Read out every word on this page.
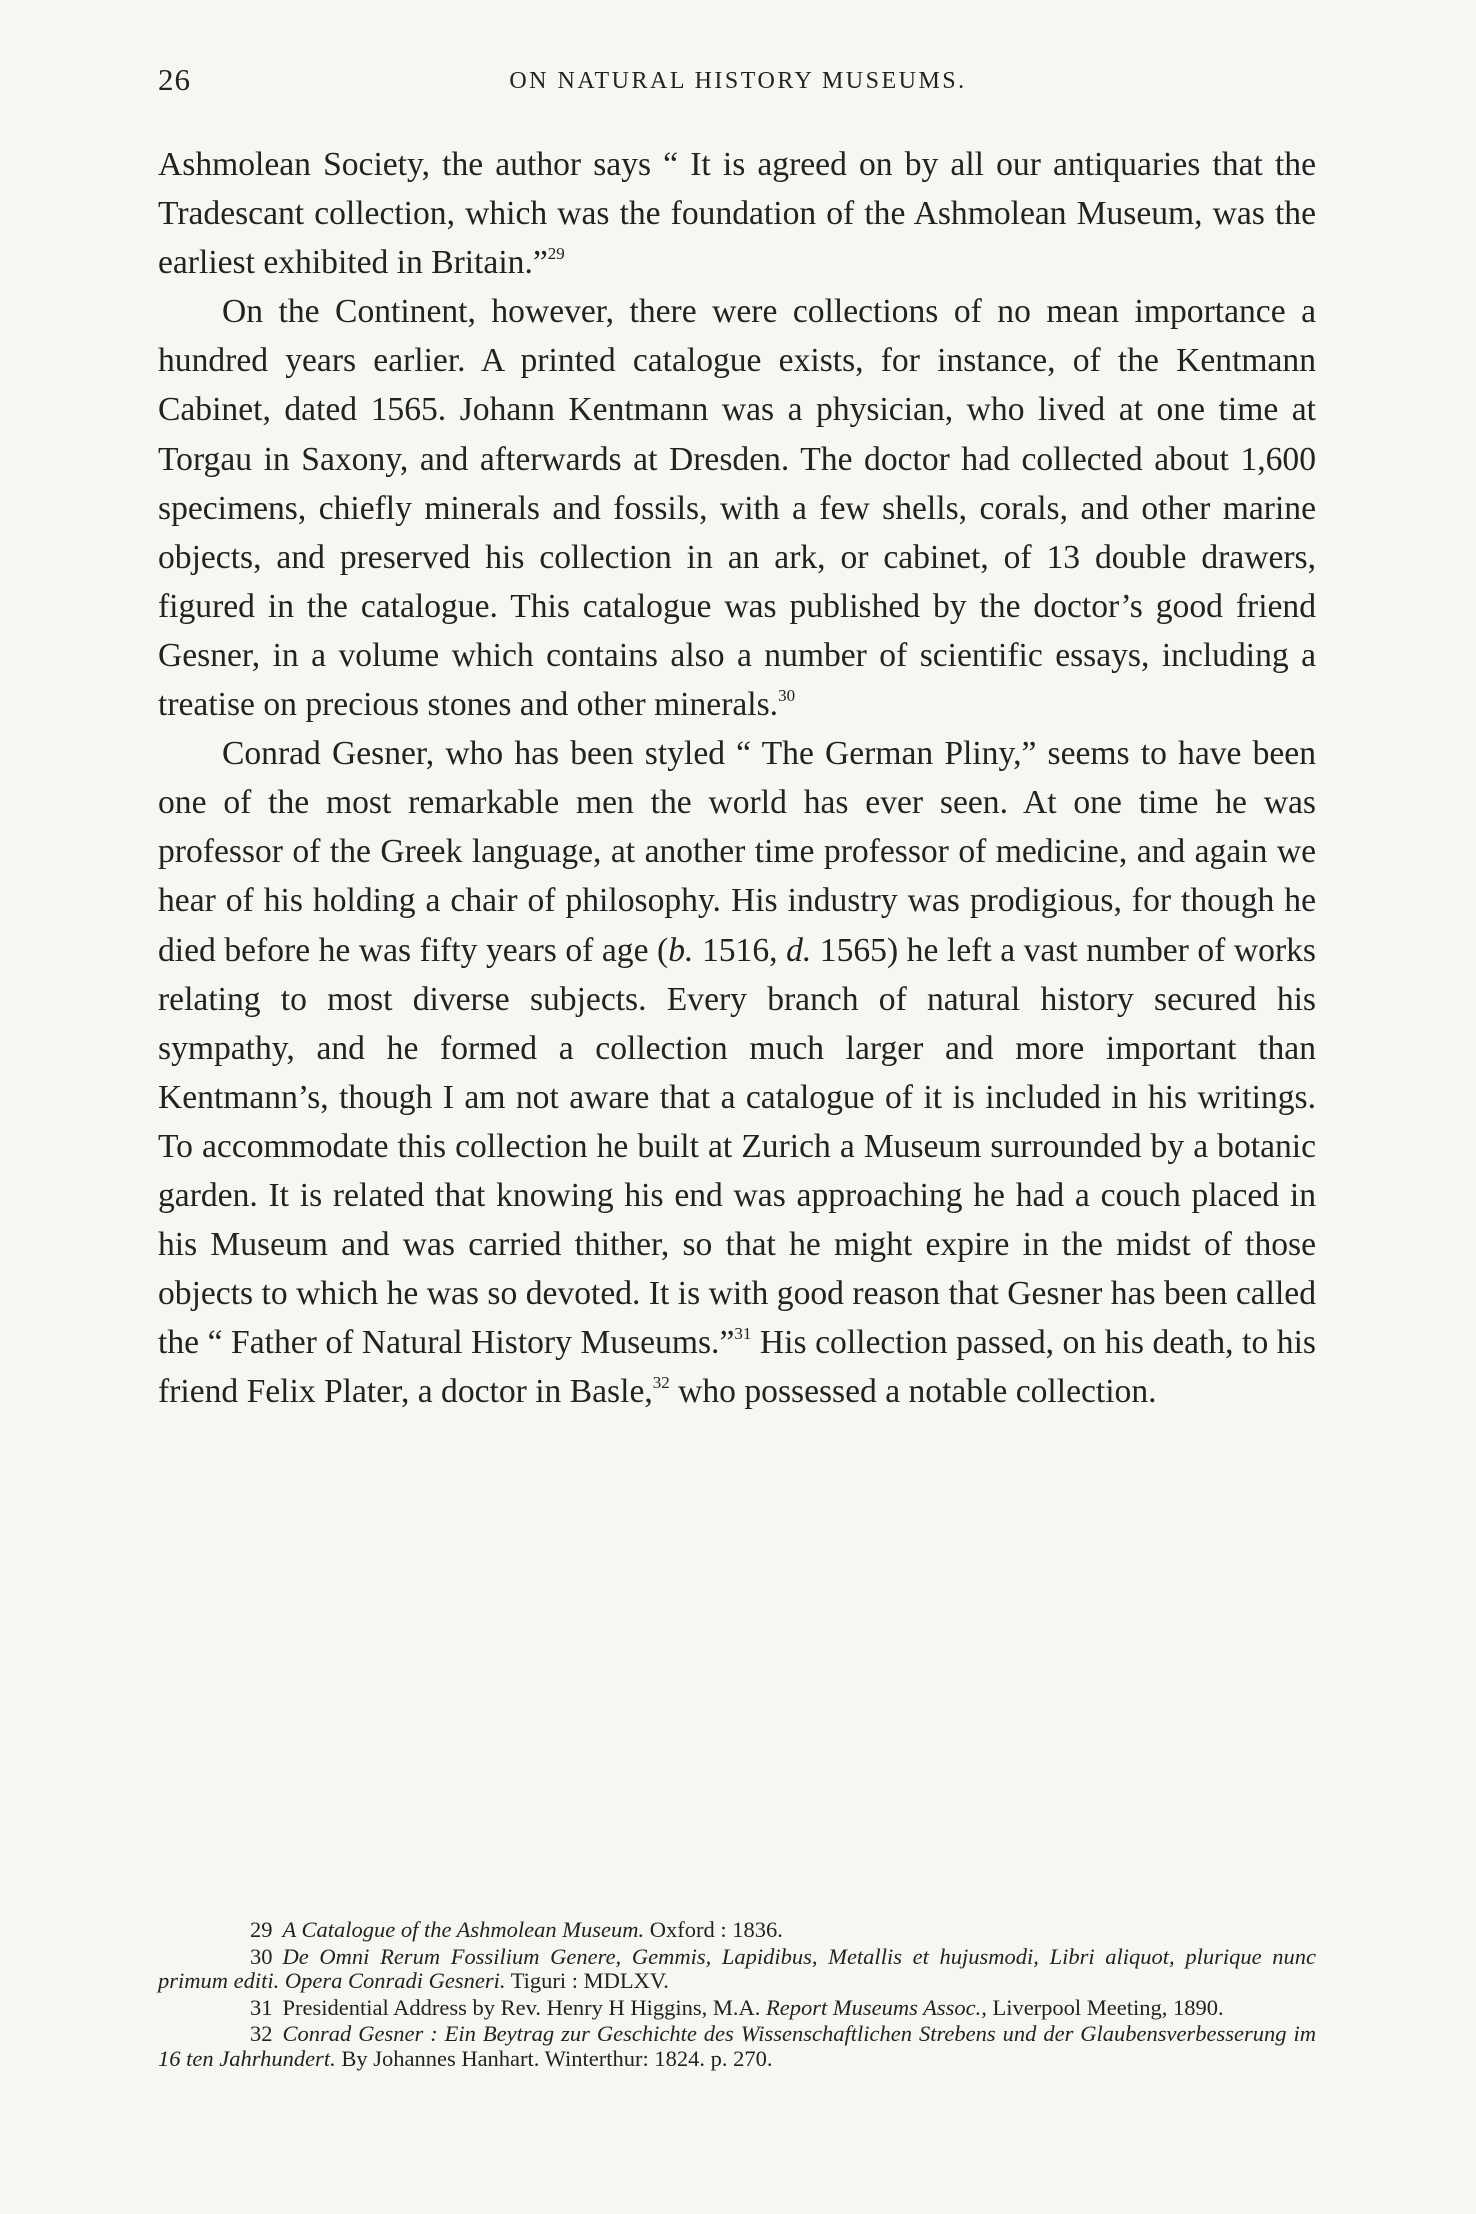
26	ON NATURAL HISTORY MUSEUMS.

Ashmolean Society, the author says “ It is agreed on by all our antiquaries that the Tradescant collection, which was the foundation of the Ashmolean Museum, was the earliest exhibited in Britain.”$^{29}$

On the Continent, however, there were collections of no mean importance a hundred years earlier. A printed catalogue exists, for instance, of the Kentmann Cabinet, dated 1565. Johann Kentmann was a physician, who lived at one time at Torgau in Saxony, and afterwards at Dresden. The doctor had collected about 1,600 specimens, chiefly minerals and fossils, with a few shells, corals, and other marine objects, and preserved his collection in an ark, or cabinet, of 13 double drawers, figured in the catalogue. This catalogue was published by the doctor’s good friend Gesner, in a volume which contains also a number of scientific essays, including a treatise on precious stones and other minerals.$^{30}$

Conrad Gesner, who has been styled “ The German Pliny,” seems to have been one of the most remarkable men the world has ever seen. At one time he was professor of the Greek language, at another time professor of medicine, and again we hear of his holding a chair of philosophy. His industry was prodigious, for though he died before he was fifty years of age (b. 1516, d. 1565) he left a vast number of works relating to most diverse subjects. Every branch of natural history secured his sympathy, and he formed a collection much larger and more important than Kentmann’s, though I am not aware that a catalogue of it is included in his writings. To accommodate this collection he built at Zurich a Museum surrounded by a botanic garden. It is related that knowing his end was approaching he had a couch placed in his Museum and was carried thither, so that he might expire in the midst of those objects to which he was so devoted. It is with good reason that Gesner has been called the “ Father of Natural History Museums.”$^{31}$ His collection passed, on his death, to his friend Felix Plater, a doctor in Basle,$^{32}$ who possessed a notable collection.

29 A Catalogue of the Ashmolean Museum. Oxford : 1836.

30 De Omni Rerum Fossilium Genere, Gemmis, Lapidibus, Metallis et hujusmodi, Libri aliquot, plurique nunc primum editi. Opera Conradi Gesneri. Tiguri : MDLXV.

31 Presidential Address by Rev. Henry H Higgins, M.A. Report Museums Assoc., Liverpool Meeting, 1890.

32 Conrad Gesner : Ein Beytrag zur Geschichte des Wissenschaftlichen Strebens und der Glaubensverbesserung im 16 ten Jahrhundert. By Johannes Hanhart. Winterthur: 1824. p. 270.
